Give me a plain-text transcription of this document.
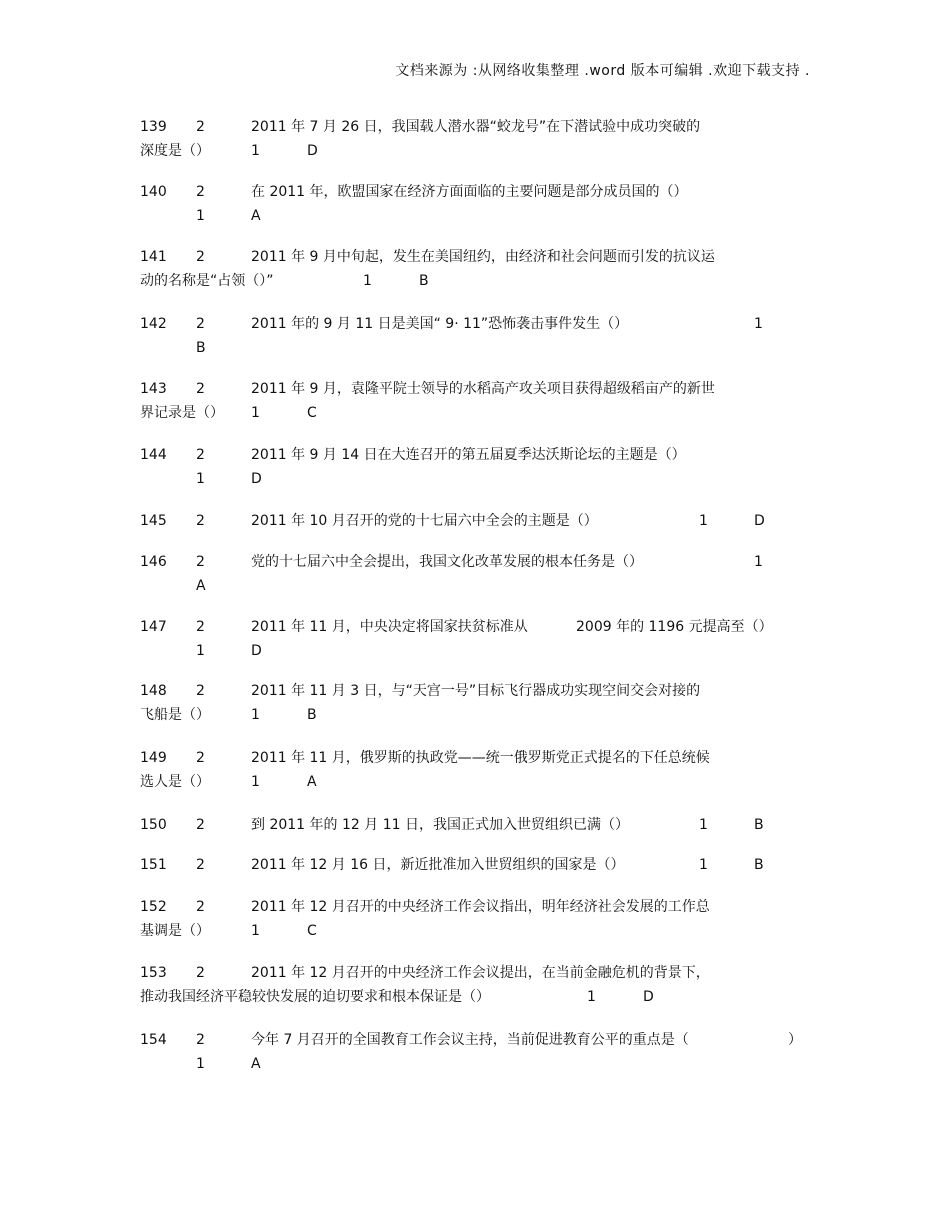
文档来源为 :从网络收集整理 .word 版本可编辑 .欢迎下载支持 .
139 2	2011 年 7 月 26 日，我国载人潜水器“蛟龙号”在下潜试验中成功突破的
深度是（）	1	D
140 2	在 2011 年，欧盟国家在经济方面面临的主要问题是部分成员国的（）
1	A
141 2	2011 年 9 月中旬起，发生在美国纽约，由经济和社会问题而引发的抗议运
动的名称是“占领（）”	1	B
142 2	2011 年的 9 月 11 日是美国“ 9· 11”恐怖袭击事件发生（）	1
B
143 2	2011 年 9 月，袁隆平院士领导的水稻高产攻关项目获得超级稻亩产的新世
界记录是（） 1	C
144 2	2011 年 9 月 14 日在大连召开的第五届夏季达沃斯论坛的主题是（）
1	D
145 2	2011 年 10 月召开的党的十七届六中全会的主题是（）	1	D
146 2	党的十七届六中全会提出，我国文化改革发展的根本任务是（）	1
A
147 2	2011 年 11 月，中央决定将国家扶贫标准从	2009 年的 1196 元提高至（）
1	D
148 2	2011 年 11 月 3 日，与“天宫一号”目标飞行器成功实现空间交会对接的
飞船是（）	1	B
149 2	2011 年 11 月，俄罗斯的执政党——统一俄罗斯党正式提名的下任总统候
选人是（）	1	A
150 2	到 2011 年的 12 月 11 日，我国正式加入世贸组织已满（）	1	B
151 2	2011 年 12 月 16 日，新近批准加入世贸组织的国家是（）	1	B
152 2	2011 年 12 月召开的中央经济工作会议指出，明年经济社会发展的工作总
基调是（）	1	C
153 2	2011 年 12 月召开的中央经济工作会议提出，在当前金融危机的背景下，
推动我国经济平稳较快发展的迫切要求和根本保证是（）	1	D
154 2	今年 7 月召开的全国教育工作会议主持，当前促进教育公平的重点是（	）
1	A
